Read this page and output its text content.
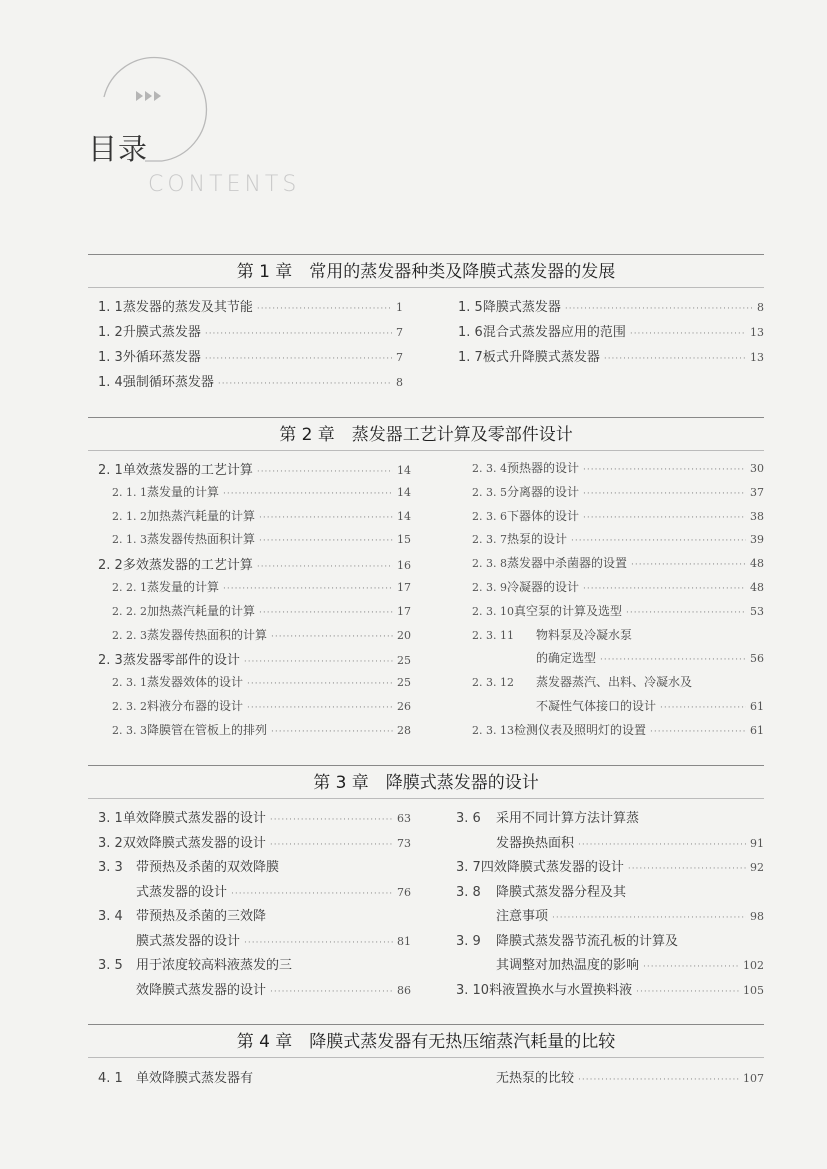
目录
CONTENTS
第 1 章　常用的蒸发器种类及降膜式蒸发器的发展
1. 1 蒸发器的蒸发及其节能 ·····	1
1. 2 升膜式蒸发器 ·····	7
1. 3 外循环蒸发器 ·····	7
1. 4 强制循环蒸发器 ·····	8
1. 5 降膜式蒸发器 ·····	8
1. 6 混合式蒸发器应用的范围 ·····	13
1. 7 板式升降膜式蒸发器 ·····	13
第 2 章　蒸发器工艺计算及零部件设计
2. 1 单效蒸发器的工艺计算 ·····	14
2. 1. 1 蒸发量的计算 ·····	14
2. 1. 2 加热蒸汽耗量的计算 ·····	14
2. 1. 3 蒸发器传热面积计算 ·····	15
2. 2 多效蒸发器的工艺计算 ·····	16
2. 2. 1 蒸发量的计算 ·····	17
2. 2. 2 加热蒸汽耗量的计算 ·····	17
2. 2. 3 蒸发器传热面积的计算 ·····	20
2. 3 蒸发器零部件的设计 ·····	25
2. 3. 1 蒸发器效体的设计 ·····	25
2. 3. 2 料液分布器的设计 ·····	26
2. 3. 3 降膜管在管板上的排列 ·····	28
2. 3. 4 预热器的设计 ·····	30
2. 3. 5 分离器的设计 ·····	37
2. 3. 6 下器体的设计 ·····	38
2. 3. 7 热泵的设计 ·····	39
2. 3. 8 蒸发器中杀菌器的设置 ·····	48
2. 3. 9 冷凝器的设计 ·····	48
2. 3. 10 真空泵的计算及选型 ·····	53
2. 3. 11	物料泵及冷凝水泵
的确定选型 ·····	56
2. 3. 12	蒸发器蒸汽、出料、冷凝水及
不凝性气体接口的设计 ·····	61
2. 3. 13 检测仪表及照明灯的设置 ·····	61
第 3 章　降膜式蒸发器的设计
3. 1 单效降膜式蒸发器的设计 ·····	63
3. 2 双效降膜式蒸发器的设计 ·····	73
3. 3	带预热及杀菌的双效降膜
式蒸发器的设计 ·····	76
3. 4	带预热及杀菌的三效降
膜式蒸发器的设计 ·····	81
3. 5	用于浓度较高料液蒸发的三
效降膜式蒸发器的设计 ·····	86
3. 6	采用不同计算方法计算蒸
发器换热面积 ·····	91
3. 7 四效降膜式蒸发器的设计 ·····	92
3. 8	降膜式蒸发器分程及其
注意事项 ·····	98
3. 9	降膜式蒸发器节流孔板的计算及
其调整对加热温度的影响 ·····	102
3. 10 料液置换水与水置换料液 ·····	105
第 4 章　降膜式蒸发器有无热压缩蒸汽耗量的比较
4. 1	单效降膜式蒸发器有	无热泵的比较 ·····	107
